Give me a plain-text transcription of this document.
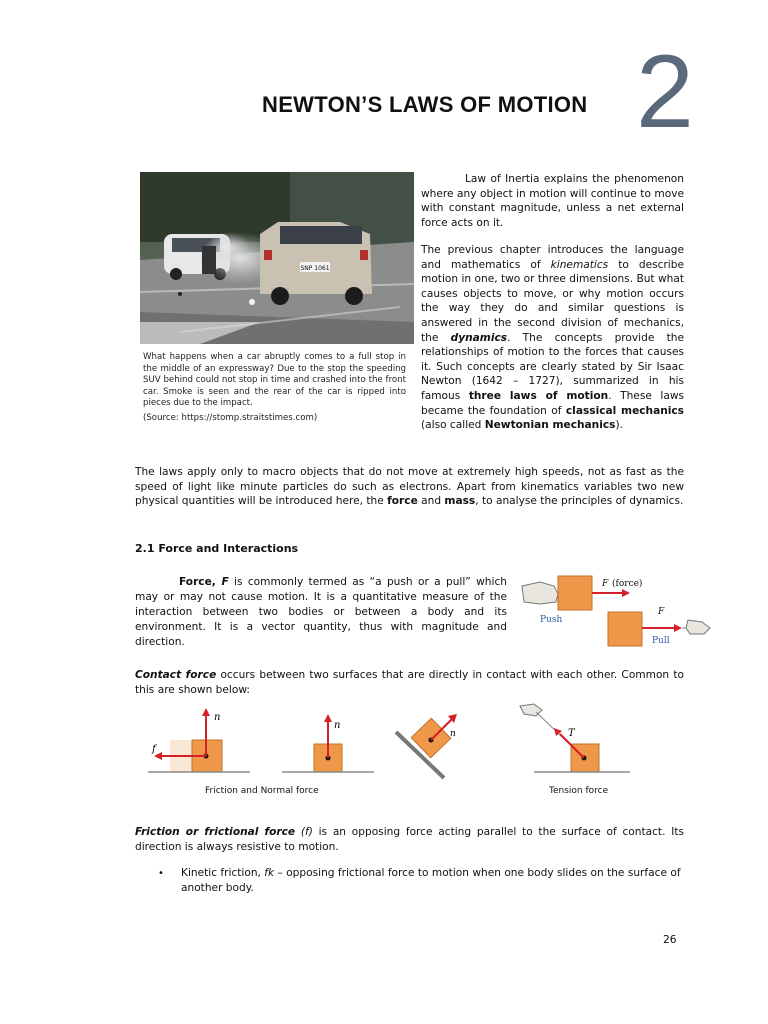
NEWTON’S LAWS OF MOTION 2
SNP 1061
What happens when a car abruptly comes to a full stop in the middle of an expressway? Due to the stop the speeding SUV behind could not stop in time and crashed into the front car. Smoke is seen and the rear of the car is ripped into pieces due to the impact.
(Source: https://stomp.straitstimes.com)
Law of Inertia explains the phenomenon where any object in motion will continue to move with constant magnitude, unless a net external force acts on it.
The previous chapter introduces the language and mathematics of kinematics to describe motion in one, two or three dimensions. But what causes objects to move, or why motion occurs the way they do and similar questions is answered in the second division of mechanics, the dynamics. The concepts provide the relationships of motion to the forces that causes it. Such concepts are clearly stated by Sir Isaac Newton (1642 – 1727), summarized in his famous three laws of motion. These laws became the foundation of classical mechanics (also called Newtonian mechanics).
The laws apply only to macro objects that do not move at extremely high speeds, not as fast as the speed of light like minute particles do such as electrons. Apart from kinematics variables two new physical quantities will be introduced here, the force and mass, to analyse the principles of dynamics.
2.1 Force and Interactions
Force, F is commonly termed as “a push or a pull” which may or may not cause motion. It is a quantitative measure of the interaction between two bodies or between a body and its environment. It is a vector quantity, thus with magnitude and direction.
F (force)
Push
F
Pull
Contact force occurs between two surfaces that are directly in contact with each other. Common to this are shown below:
n
f
n
n	T
Friction and Normal force	Tension force
Friction or frictional force (f) is an opposing force acting parallel to the surface of contact. Its direction is always resistive to motion.
• Kinetic friction, fk – opposing frictional force to motion when one body slides on the surface of another body.
26
